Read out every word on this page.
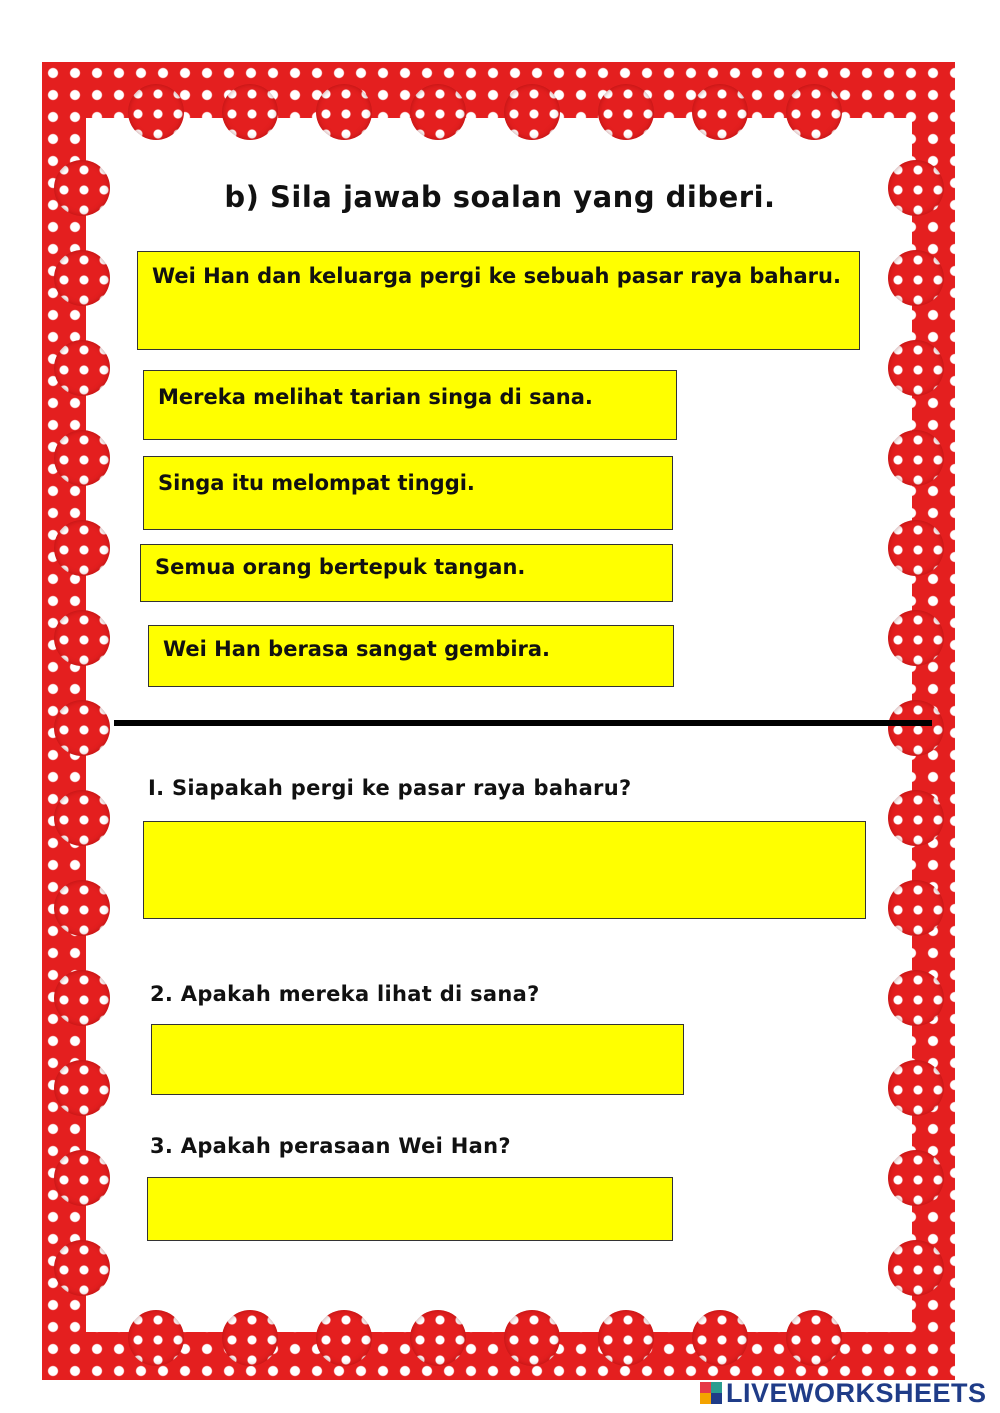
b) Sila jawab soalan yang diberi.
Wei Han dan keluarga pergi ke sebuah pasar raya baharu.
Mereka melihat tarian singa di sana.
Singa itu melompat tinggi.
Semua orang bertepuk tangan.
Wei Han berasa sangat gembira.
I. Siapakah pergi ke pasar raya baharu?
2. Apakah mereka lihat di sana?
3. Apakah perasaan Wei Han?
LIVEWORKSHEETS
